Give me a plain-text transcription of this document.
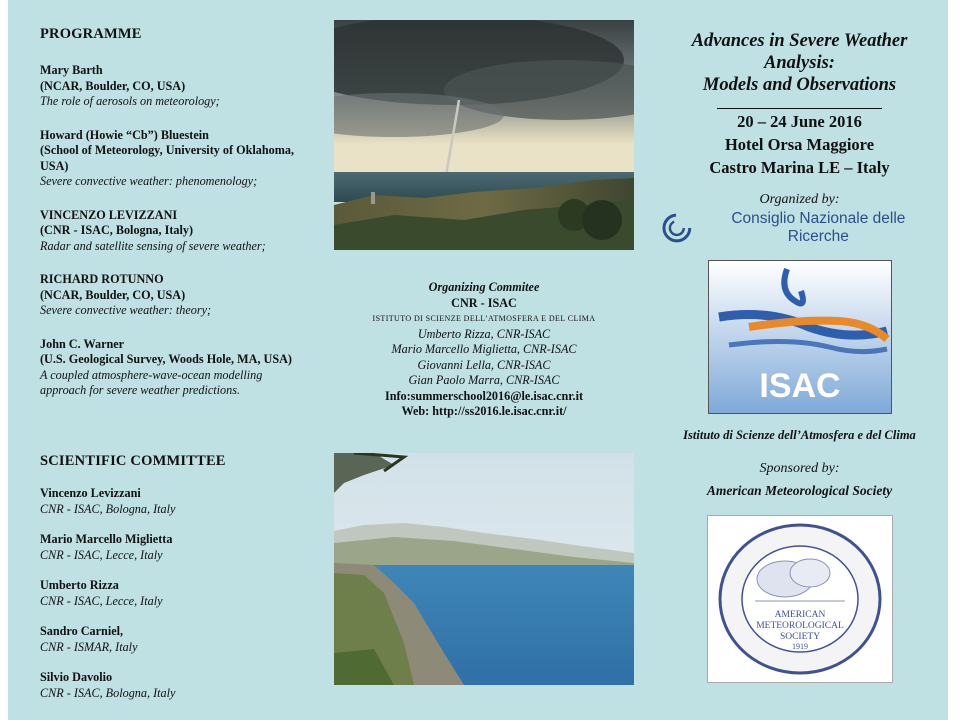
PROGRAMME
Mary Barth
(NCAR, Boulder, CO, USA)
The role of aerosols on meteorology;
Howard (Howie “Cb”) Bluestein
(School of Meteorology, University of Oklahoma, USA)
Severe convective weather: phenomenology;
VINCENZO LEVIZZANI
(CNR - ISAC, Bologna, Italy)
Radar and satellite sensing of severe weather;
RICHARD ROTUNNO
(NCAR, Boulder, CO, USA)
Severe convective weather: theory;
John C. Warner
(U.S. Geological Survey, Woods Hole, MA, USA)
A coupled atmosphere-wave-ocean modelling approach for severe weather predictions.
SCIENTIFIC COMMITTEE
Vincenzo Levizzani
CNR - ISAC, Bologna, Italy
Mario Marcello Miglietta
CNR - ISAC, Lecce, Italy
Umberto Rizza
CNR - ISAC, Lecce, Italy
Sandro Carniel,
CNR - ISMAR, Italy
Silvio Davolio
CNR - ISAC, Bologna, Italy
Organizing Commitee
CNR - ISAC
ISTITUTO DI SCIENZE DELL’ATMOSFERA E DEL CLIMA
Umberto Rizza, CNR-ISAC
Mario Marcello Miglietta, CNR-ISAC
Giovanni Lella, CNR-ISAC
Gian Paolo Marra, CNR-ISAC
Info:summerschool2016@le.isac.cnr.it
Web: http://ss2016.le.isac.cnr.it/
Advances in Severe Weather
Analysis:
Models and Observations
20 – 24 June 2016
Hotel Orsa Maggiore
Castro Marina LE – Italy
Organized by:
Consiglio Nazionale delle Ricerche
ISAC
Istituto di Scienze dell’Atmosfera e del Clima
Sponsored by:
American Meteorological Society
AMERICAN
METEOROLOGICAL
SOCIETY
1919
